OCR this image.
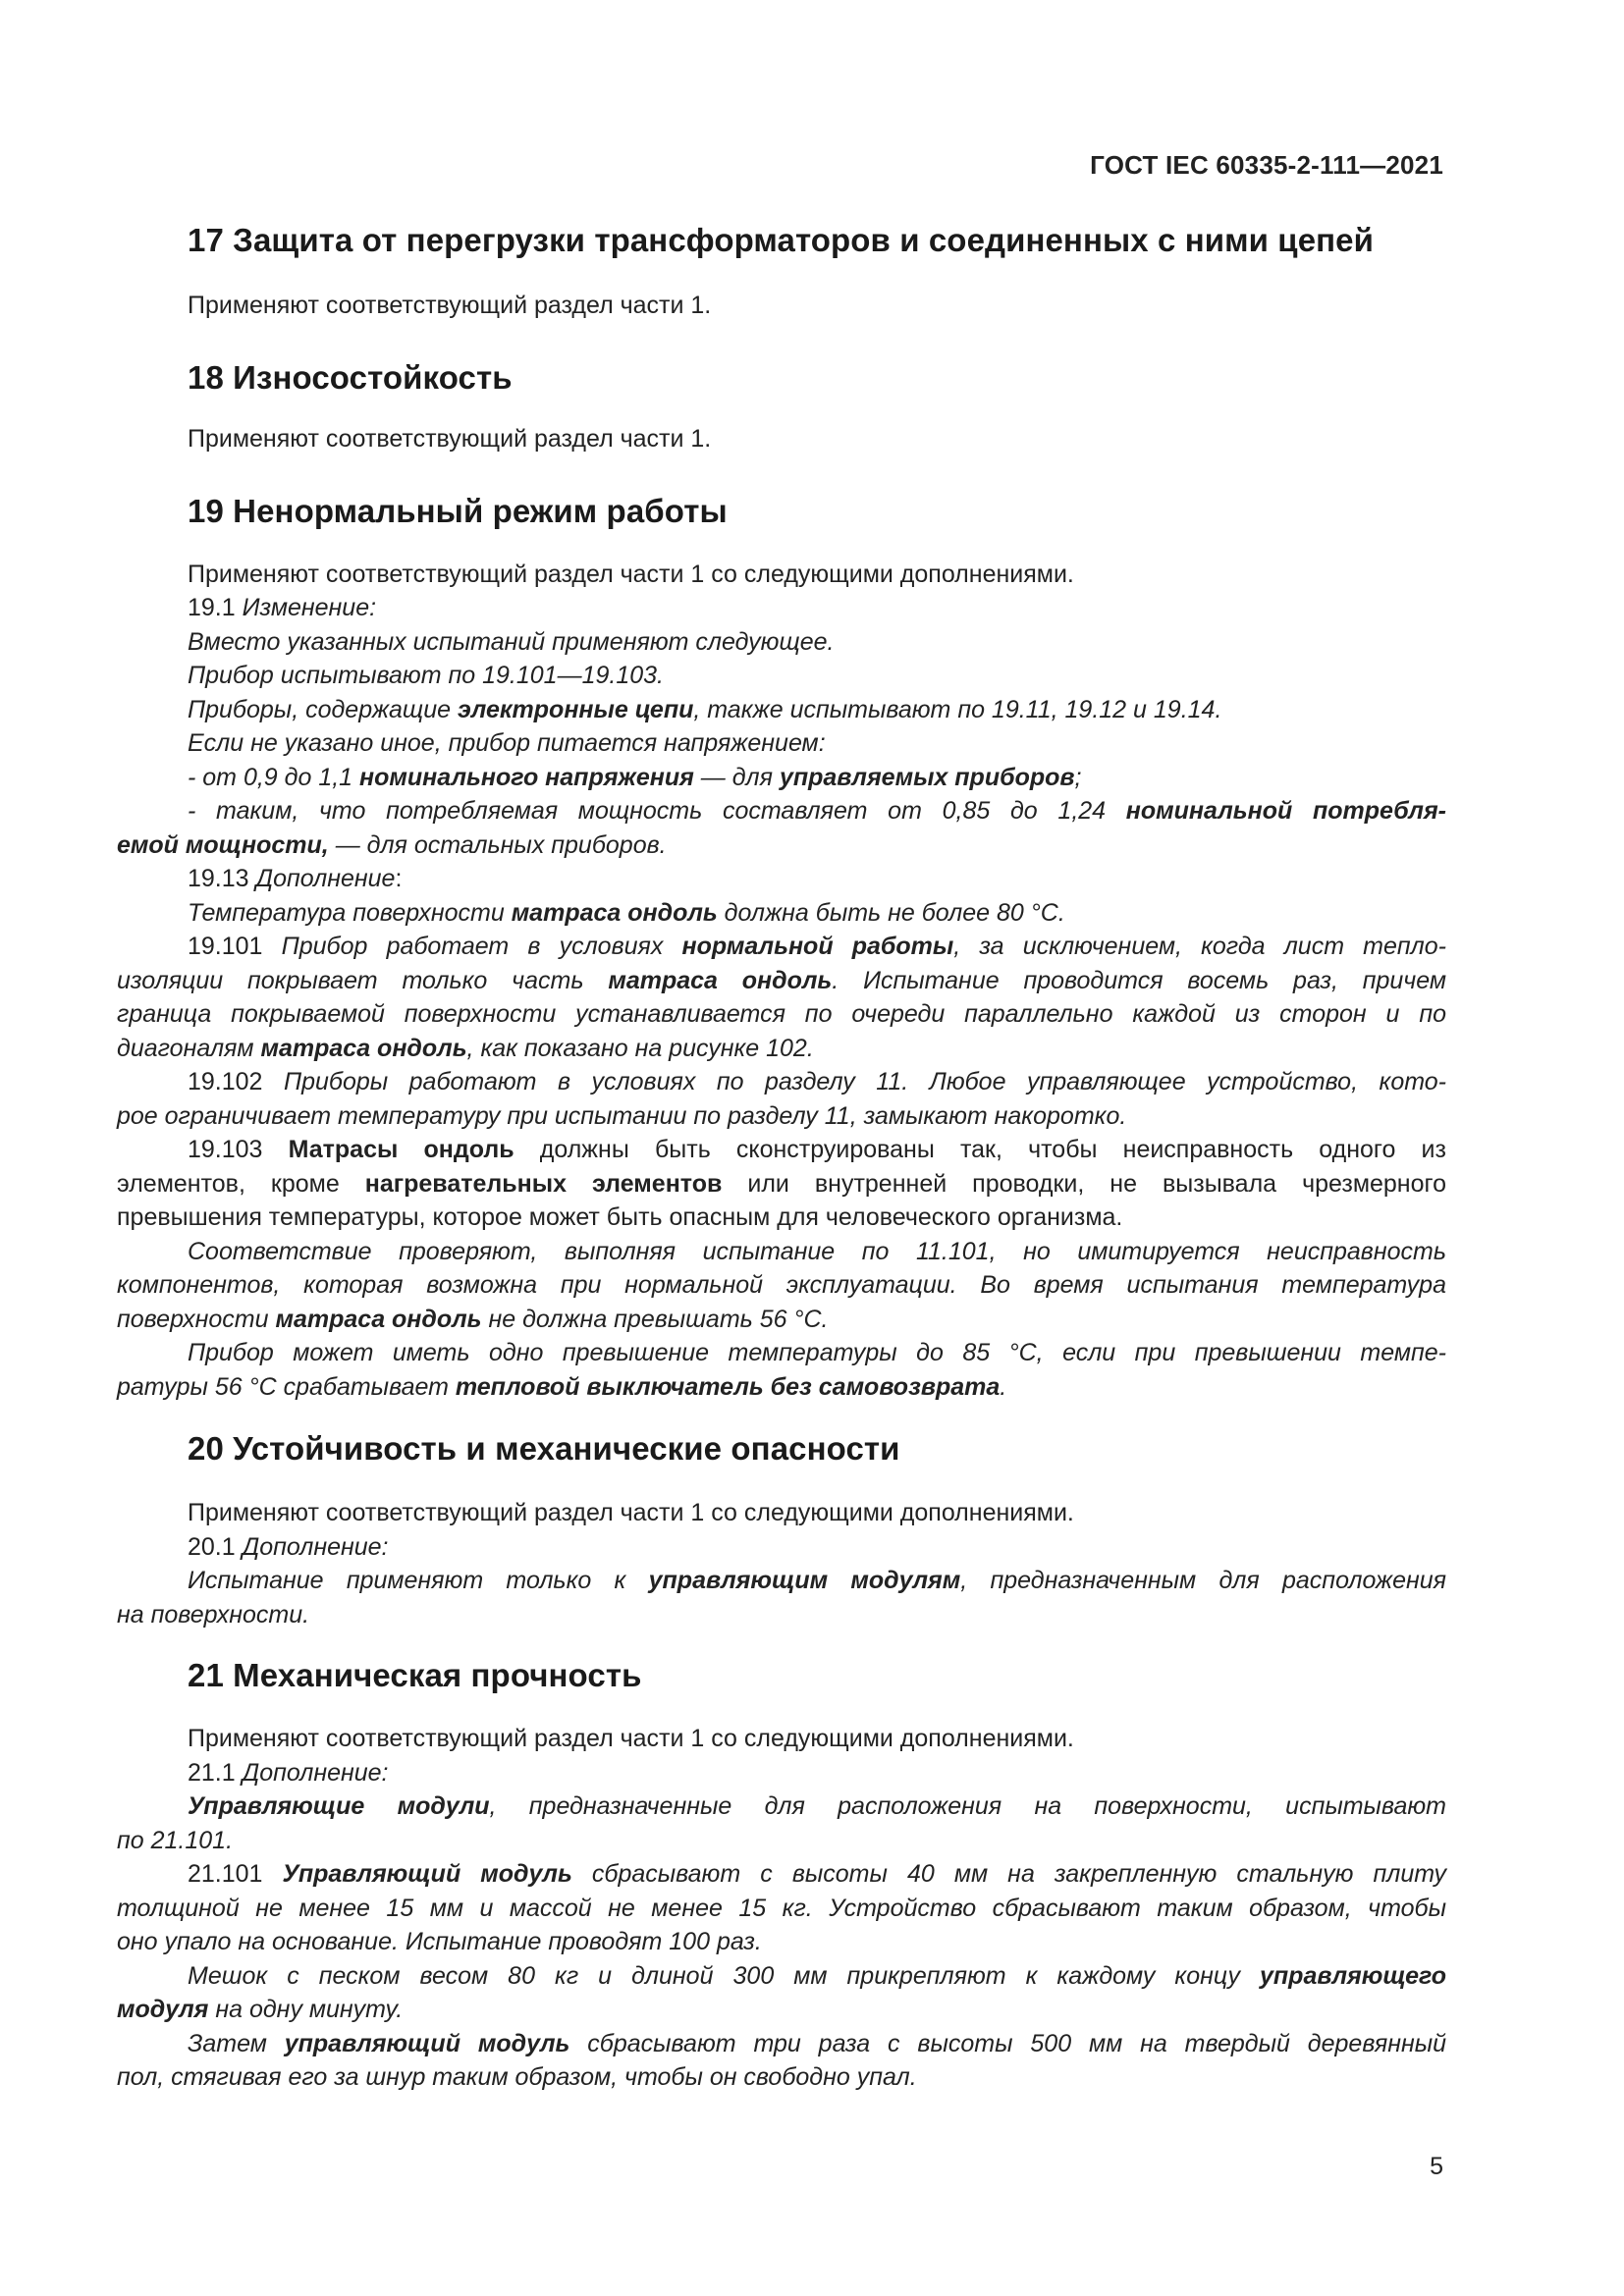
ГОСТ IEC 60335-2-111—2021
17 Защита от перегрузки трансформаторов и соединенных с ними цепей
Применяют соответствующий раздел части 1.
18 Износостойкость
Применяют соответствующий раздел части 1.
19 Ненормальный режим работы
Применяют соответствующий раздел части 1 со следующими дополнениями.
19.1 Изменение:
Вместо указанных испытаний применяют следующее.
Прибор испытывают по 19.101—19.103.
Приборы, содержащие электронные цепи, также испытывают по 19.11, 19.12 и 19.14.
Если не указано иное, прибор питается напряжением:
- от 0,9 до 1,1 номинального напряжения — для управляемых приборов;
- таким, что потребляемая мощность составляет от 0,85 до 1,24 номинальной потребля-
емой мощности, — для остальных приборов.
19.13 Дополнение:
Температура поверхности матраса ондоль должна быть не более 80 °С.
19.101 Прибор работает в условиях нормальной работы, за исключением, когда лист тепло-
изоляции покрывает только часть матраса ондоль. Испытание проводится восемь раз, причем
граница покрываемой поверхности устанавливается по очереди параллельно каждой из сторон и по
диагоналям матраса ондоль, как показано на рисунке 102.
19.102 Приборы работают в условиях по разделу 11. Любое управляющее устройство, кото-
рое ограничивает температуру при испытании по разделу 11, замыкают накоротко.
19.103 Матрасы ондоль должны быть сконструированы так, чтобы неисправность одного из
элементов, кроме нагревательных элементов или внутренней проводки, не вызывала чрезмерного
превышения температуры, которое может быть опасным для человеческого организма.
Соответствие проверяют, выполняя испытание по 11.101, но имитируется неисправность
компонентов, которая возможна при нормальной эксплуатации. Во время испытания температура
поверхности матраса ондоль не должна превышать 56 °С.
Прибор может иметь одно превышение температуры до 85 °С, если при превышении темпе-
ратуры 56 °С срабатывает тепловой выключатель без самовозврата.
20 Устойчивость и механические опасности
Применяют соответствующий раздел части 1 со следующими дополнениями.
20.1 Дополнение:
Испытание применяют только к управляющим модулям, предназначенным для расположения
на поверхности.
21 Механическая прочность
Применяют соответствующий раздел части 1 со следующими дополнениями.
21.1 Дополнение:
Управляющие модули, предназначенные для расположения на поверхности, испытывают
по 21.101.
21.101 Управляющий модуль сбрасывают с высоты 40 мм на закрепленную стальную плиту
толщиной не менее 15 мм и массой не менее 15 кг. Устройство сбрасывают таким образом, чтобы
оно упало на основание. Испытание проводят 100 раз.
Мешок с песком весом 80 кг и длиной 300 мм прикрепляют к каждому концу управляющего
модуля на одну минуту.
Затем управляющий модуль сбрасывают три раза с высоты 500 мм на твердый деревянный
пол, стягивая его за шнур таким образом, чтобы он свободно упал.
5
